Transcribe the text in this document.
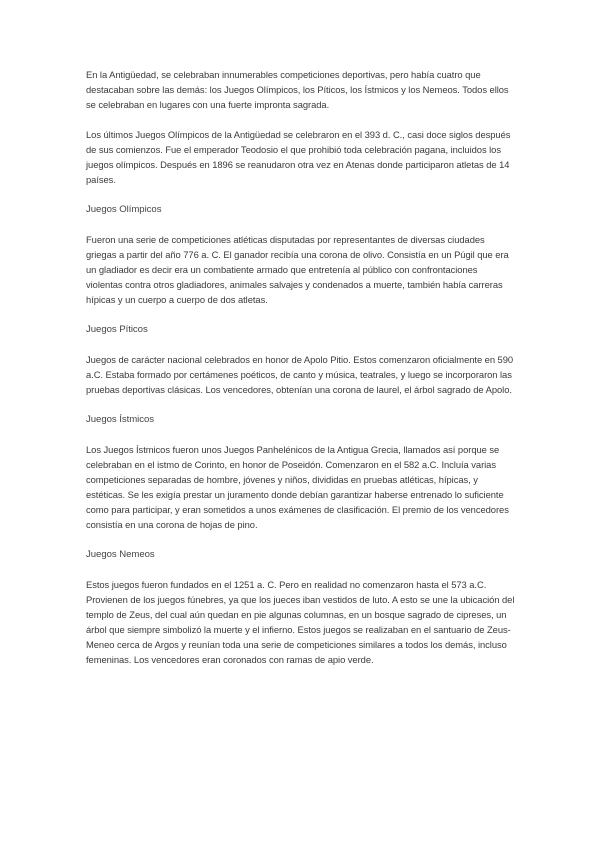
En la Antigüedad, se celebraban innumerables competiciones deportivas, pero había cuatro que destacaban sobre las demás: los Juegos Olímpicos, los Píticos, los Ístmicos y los Nemeos. Todos ellos se celebraban en lugares con una fuerte impronta sagrada.

Los últimos Juegos Olímpicos de la Antigüedad se celebraron en el 393 d. C., casi doce siglos después de sus comienzos. Fue el emperador Teodosio el que prohibió toda celebración pagana, incluidos los juegos olímpicos. Después en 1896 se reanudaron otra vez en Atenas donde participaron atletas de 14 países.

Juegos Olímpicos

Fueron una serie de competiciones atléticas disputadas por representantes de diversas ciudades griegas a partir del año 776 a. C. El ganador recibía una corona de olivo. Consistía en un Púgil que era un gladiador es decir era un combatiente armado que entretenía al público con confrontaciones violentas contra otros gladiadores, animales salvajes y condenados a muerte, también había carreras hípicas y un cuerpo a cuerpo de dos atletas.

Juegos Píticos

Juegos de carácter nacional celebrados en honor de Apolo Pitio. Estos comenzaron oficialmente en 590 a.C. Estaba formado por certámenes poéticos, de canto y música, teatrales, y luego se incorporaron las pruebas deportivas clásicas. Los vencedores, obtenían una corona de laurel, el árbol sagrado de Apolo.

Juegos Ístmicos

Los Juegos Ístmicos fueron unos Juegos Panhelénicos de la Antigua Grecia, llamados así porque se celebraban en el istmo de Corinto, en honor de Poseidón. Comenzaron en el 582 a.C. Incluía varias competiciones separadas de hombre, jóvenes y niños, divididas en pruebas atléticas, hípicas, y estéticas. Se les exigía prestar un juramento donde debían garantizar haberse entrenado lo suficiente como para participar, y eran sometidos a unos exámenes de clasificación. El premio de los vencedores consistía en una corona de hojas de pino.

Juegos Nemeos

Estos juegos fueron fundados en el 1251 a. C. Pero en realidad no comenzaron hasta el 573 a.C. Provienen de los juegos fúnebres, ya que los jueces iban vestidos de luto. A esto se une la ubicación del templo de Zeus, del cual aún quedan en pie algunas columnas, en un bosque sagrado de cipreses, un árbol que siempre simbolizó la muerte y el infierno. Estos juegos se realizaban en el santuario de Zeus-Meneo cerca de Argos y reunían toda una serie de competiciones similares a todos los demás, incluso femeninas. Los vencedores eran coronados con ramas de apio verde.
